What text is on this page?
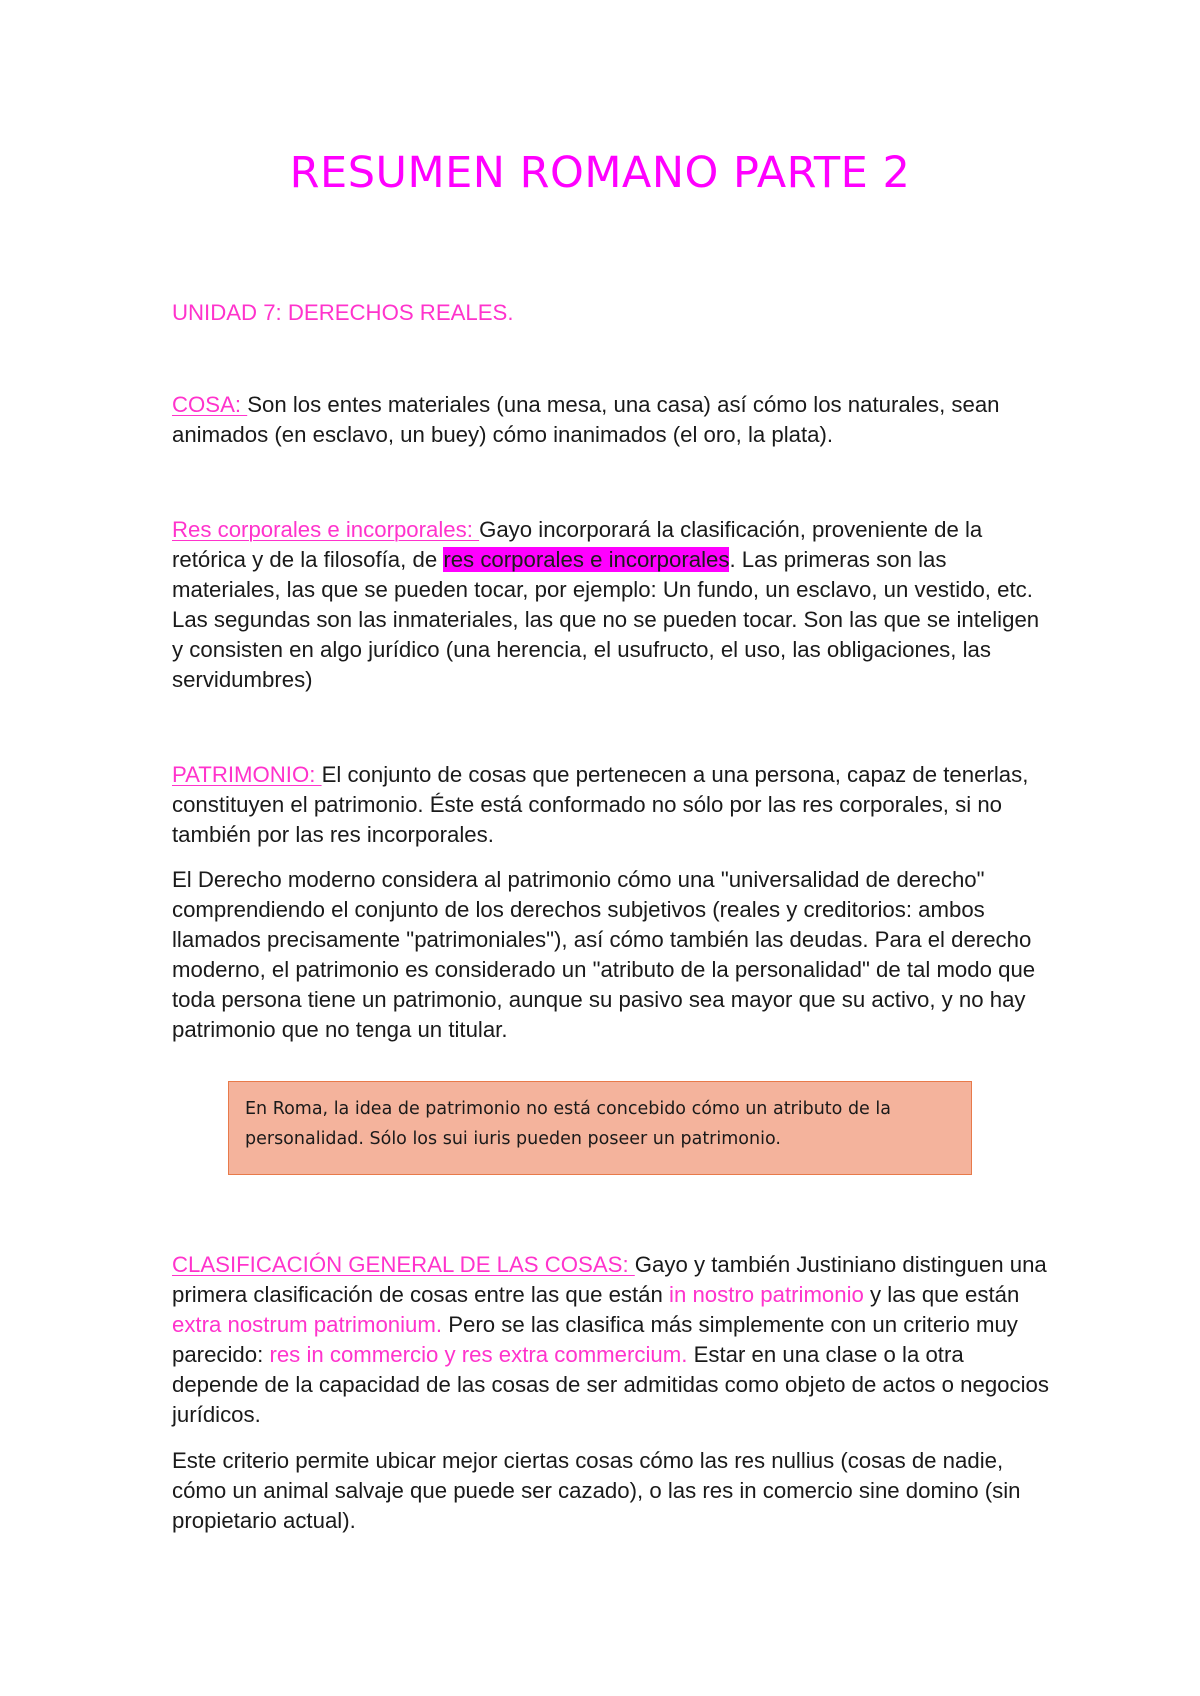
RESUMEN ROMANO PARTE 2
UNIDAD 7: DERECHOS REALES.

COSA: Son los entes materiales (una mesa, una casa) así cómo los naturales, sean animados (en esclavo, un buey) cómo inanimados (el oro, la plata).

Res corporales e incorporales: Gayo incorporará la clasificación, proveniente de la retórica y de la filosofía, de res corporales e incorporales. Las primeras son las materiales, las que se pueden tocar, por ejemplo: Un fundo, un esclavo, un vestido, etc. Las segundas son las inmateriales, las que no se pueden tocar. Son las que se inteligen y consisten en algo jurídico (una herencia, el usufructo, el uso, las obligaciones, las servidumbres)

PATRIMONIO: El conjunto de cosas que pertenecen a una persona, capaz de tenerlas, constituyen el patrimonio. Éste está conformado no sólo por las res corporales, si no también por las res incorporales.

El Derecho moderno considera al patrimonio cómo una "universalidad de derecho" comprendiendo el conjunto de los derechos subjetivos (reales y creditorios: ambos llamados precisamente "patrimoniales"), así cómo también las deudas. Para el derecho moderno, el patrimonio es considerado un "atributo de la personalidad" de tal modo que toda persona tiene un patrimonio, aunque su pasivo sea mayor que su activo, y no hay patrimonio que no tenga un titular.

En Roma, la idea de patrimonio no está concebido cómo un atributo de la personalidad. Sólo los sui iuris pueden poseer un patrimonio.

CLASIFICACIÓN GENERAL DE LAS COSAS: Gayo y también Justiniano distinguen una primera clasificación de cosas entre las que están in nostro patrimonio y las que están extra nostrum patrimonium. Pero se las clasifica más simplemente con un criterio muy parecido: res in commercio y res extra commercium. Estar en una clase o la otra depende de la capacidad de las cosas de ser admitidas como objeto de actos o negocios jurídicos.

Este criterio permite ubicar mejor ciertas cosas cómo las res nullius (cosas de nadie, cómo un animal salvaje que puede ser cazado), o las res in comercio sine domino (sin propietario actual).
